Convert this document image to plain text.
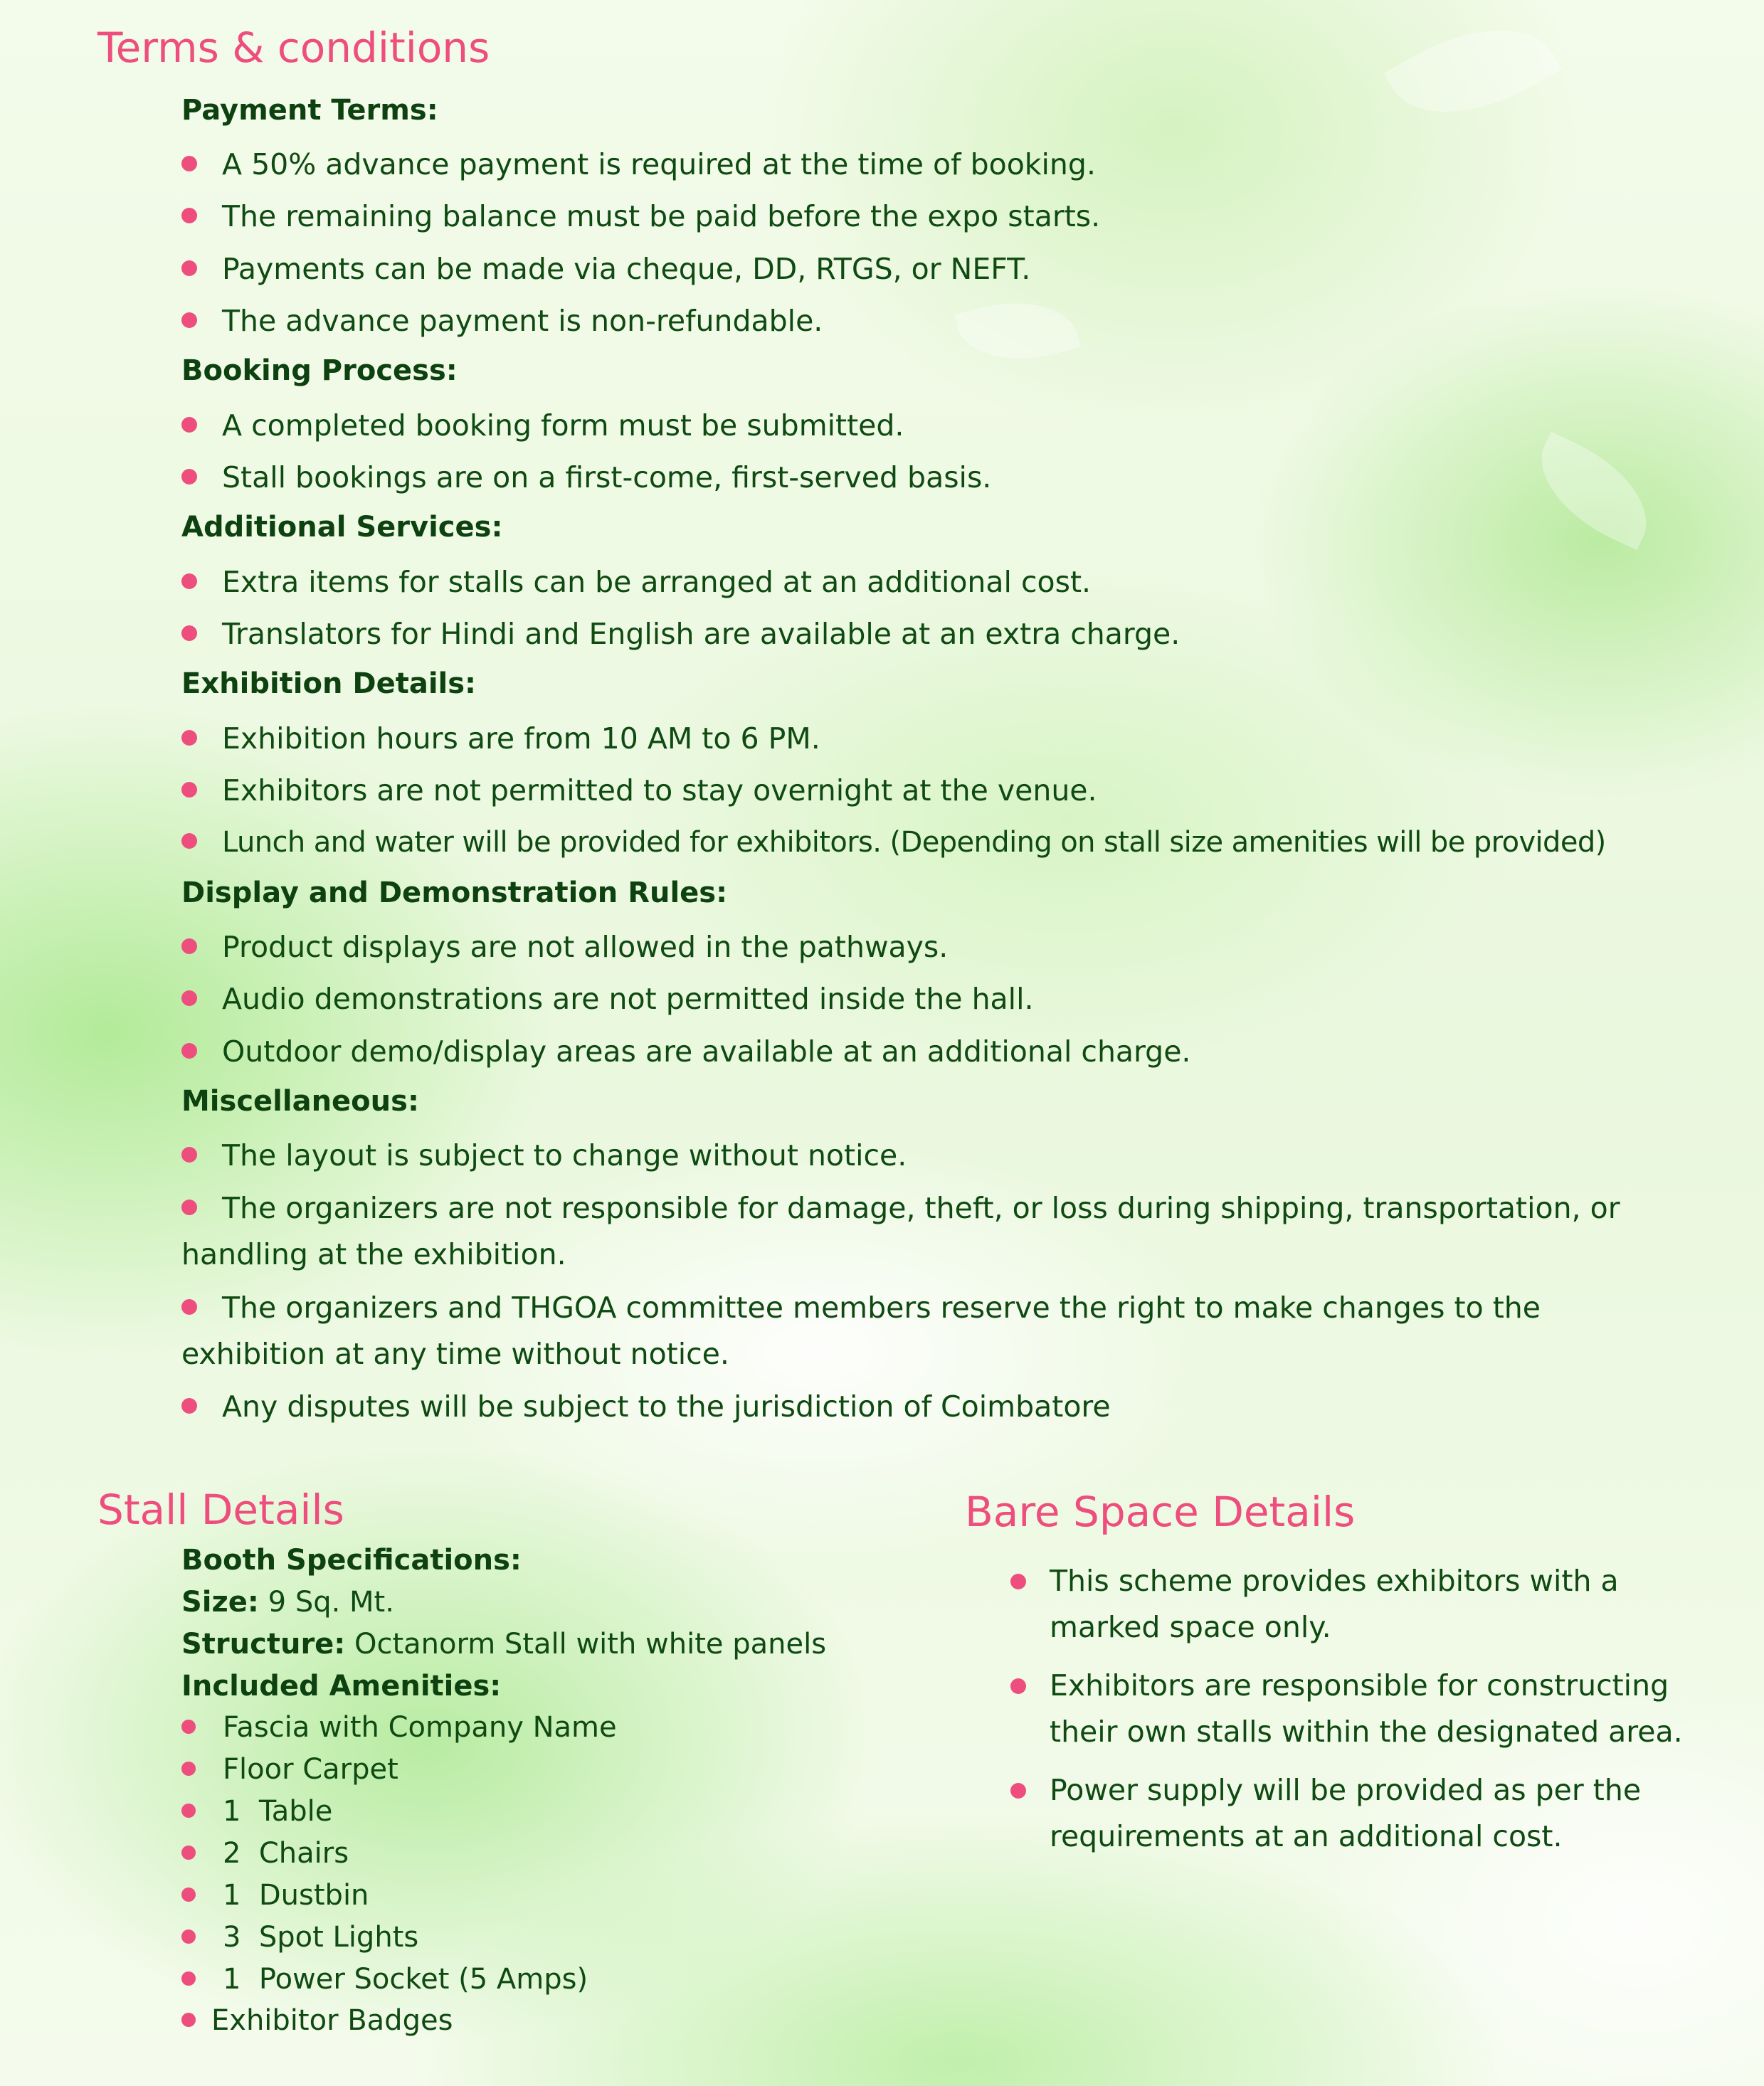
Terms & conditions
Payment Terms:
A 50% advance payment is required at the time of booking.
The remaining balance must be paid before the expo starts.
Payments can be made via cheque, DD, RTGS, or NEFT.
The advance payment is non-refundable.
Booking Process:
A completed booking form must be submitted.
Stall bookings are on a first-come, first-served basis.
Additional Services:
Extra items for stalls can be arranged at an additional cost.
Translators for Hindi and English are available at an extra charge.
Exhibition Details:
Exhibition hours are from 10 AM to 6 PM.
Exhibitors are not permitted to stay overnight at the venue.
Lunch and water will be provided for exhibitors. (Depending on stall size amenities will be provided)
Display and Demonstration Rules:
Product displays are not allowed in the pathways.
Audio demonstrations are not permitted inside the hall.
Outdoor demo/display areas are available at an additional charge.
Miscellaneous:
The layout is subject to change without notice.
The organizers are not responsible for damage, theft, or loss during shipping, transportation, or handling at the exhibition.
The organizers and THGOA committee members reserve the right to make changes to the exhibition at any time without notice.
Any disputes will be subject to the jurisdiction of Coimbatore
Stall Details
Booth Specifications:
Size: 9 Sq. Mt.
Structure: Octanorm Stall with white panels
Included Amenities:
Fascia with Company Name
Floor Carpet
1  Table
2  Chairs
1  Dustbin
3  Spot Lights
1  Power Socket (5 Amps)
Exhibitor Badges
Bare Space Details
This scheme provides exhibitors with a marked space only.
Exhibitors are responsible for constructing their own stalls within the designated area.
Power supply will be provided as per the requirements at an additional cost.
